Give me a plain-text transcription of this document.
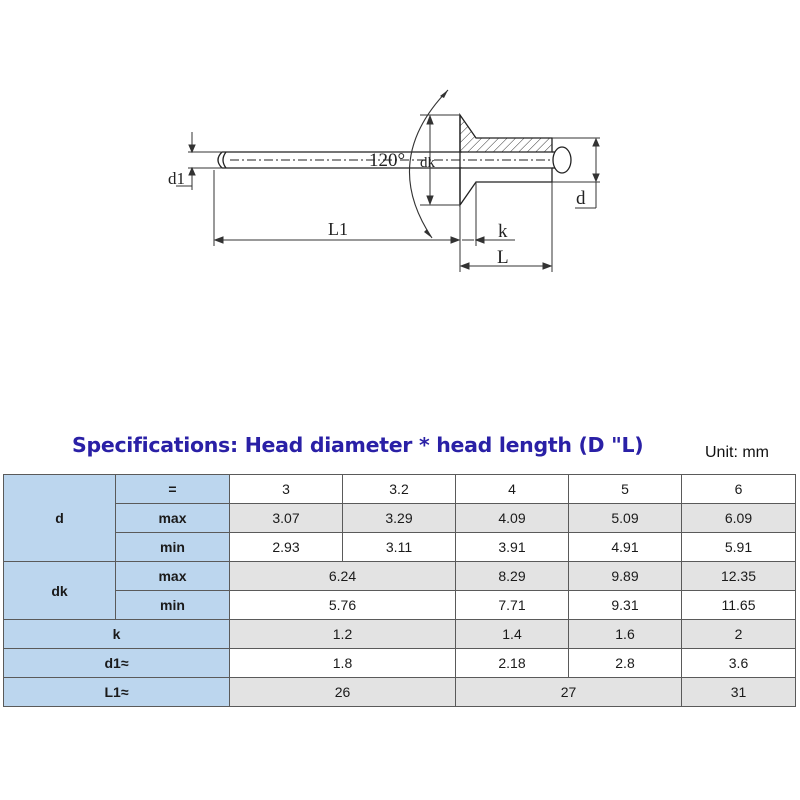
120° dk
d1
L1	k
L
d
Specifications: Head diameter * head length (D "L)	Unit: mm
d	=	3	3.2	4	5	6
	max	3.07	3.29	4.09	5.09	6.09
	min	2.93	3.11	3.91	4.91	5.91
dk	max	6.24		8.29	9.89	12.35
	min	5.76		7.71	9.31	11.65
k		1.2		1.4	1.6	2
d1≈		1.8		2.18	2.8	3.6
L1≈		26		27		31
